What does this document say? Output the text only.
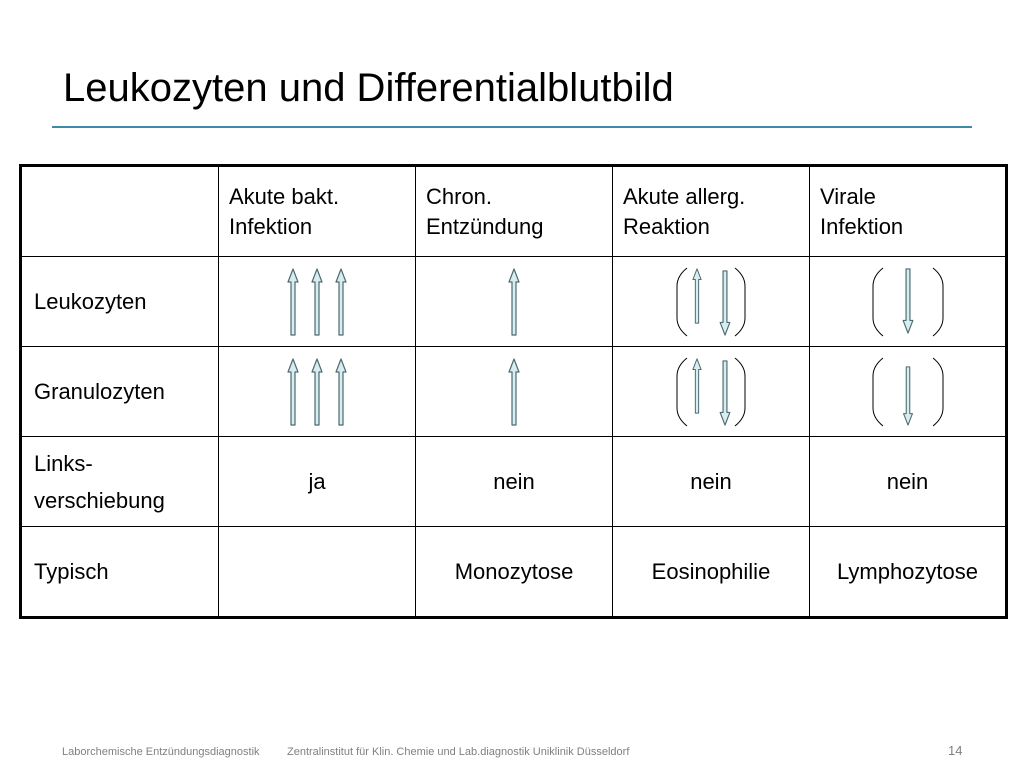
Leukozyten und Differentialblutbild

	Akute bakt.
Infektion	Chron.
Entzündung	Akute allerg.
Reaktion	Virale
Infektion

Leukozyten	

Granulozyten	

Links-
verschiebung	ja	nein	nein	nein
Typisch		Monozytose	Eosinophilie	Lymphozytose
Laborchemische Entzündungsdiagnostik Zentralinstitut für Klin. Chemie und Lab.diagnostik Uniklinik Düsseldorf	14
